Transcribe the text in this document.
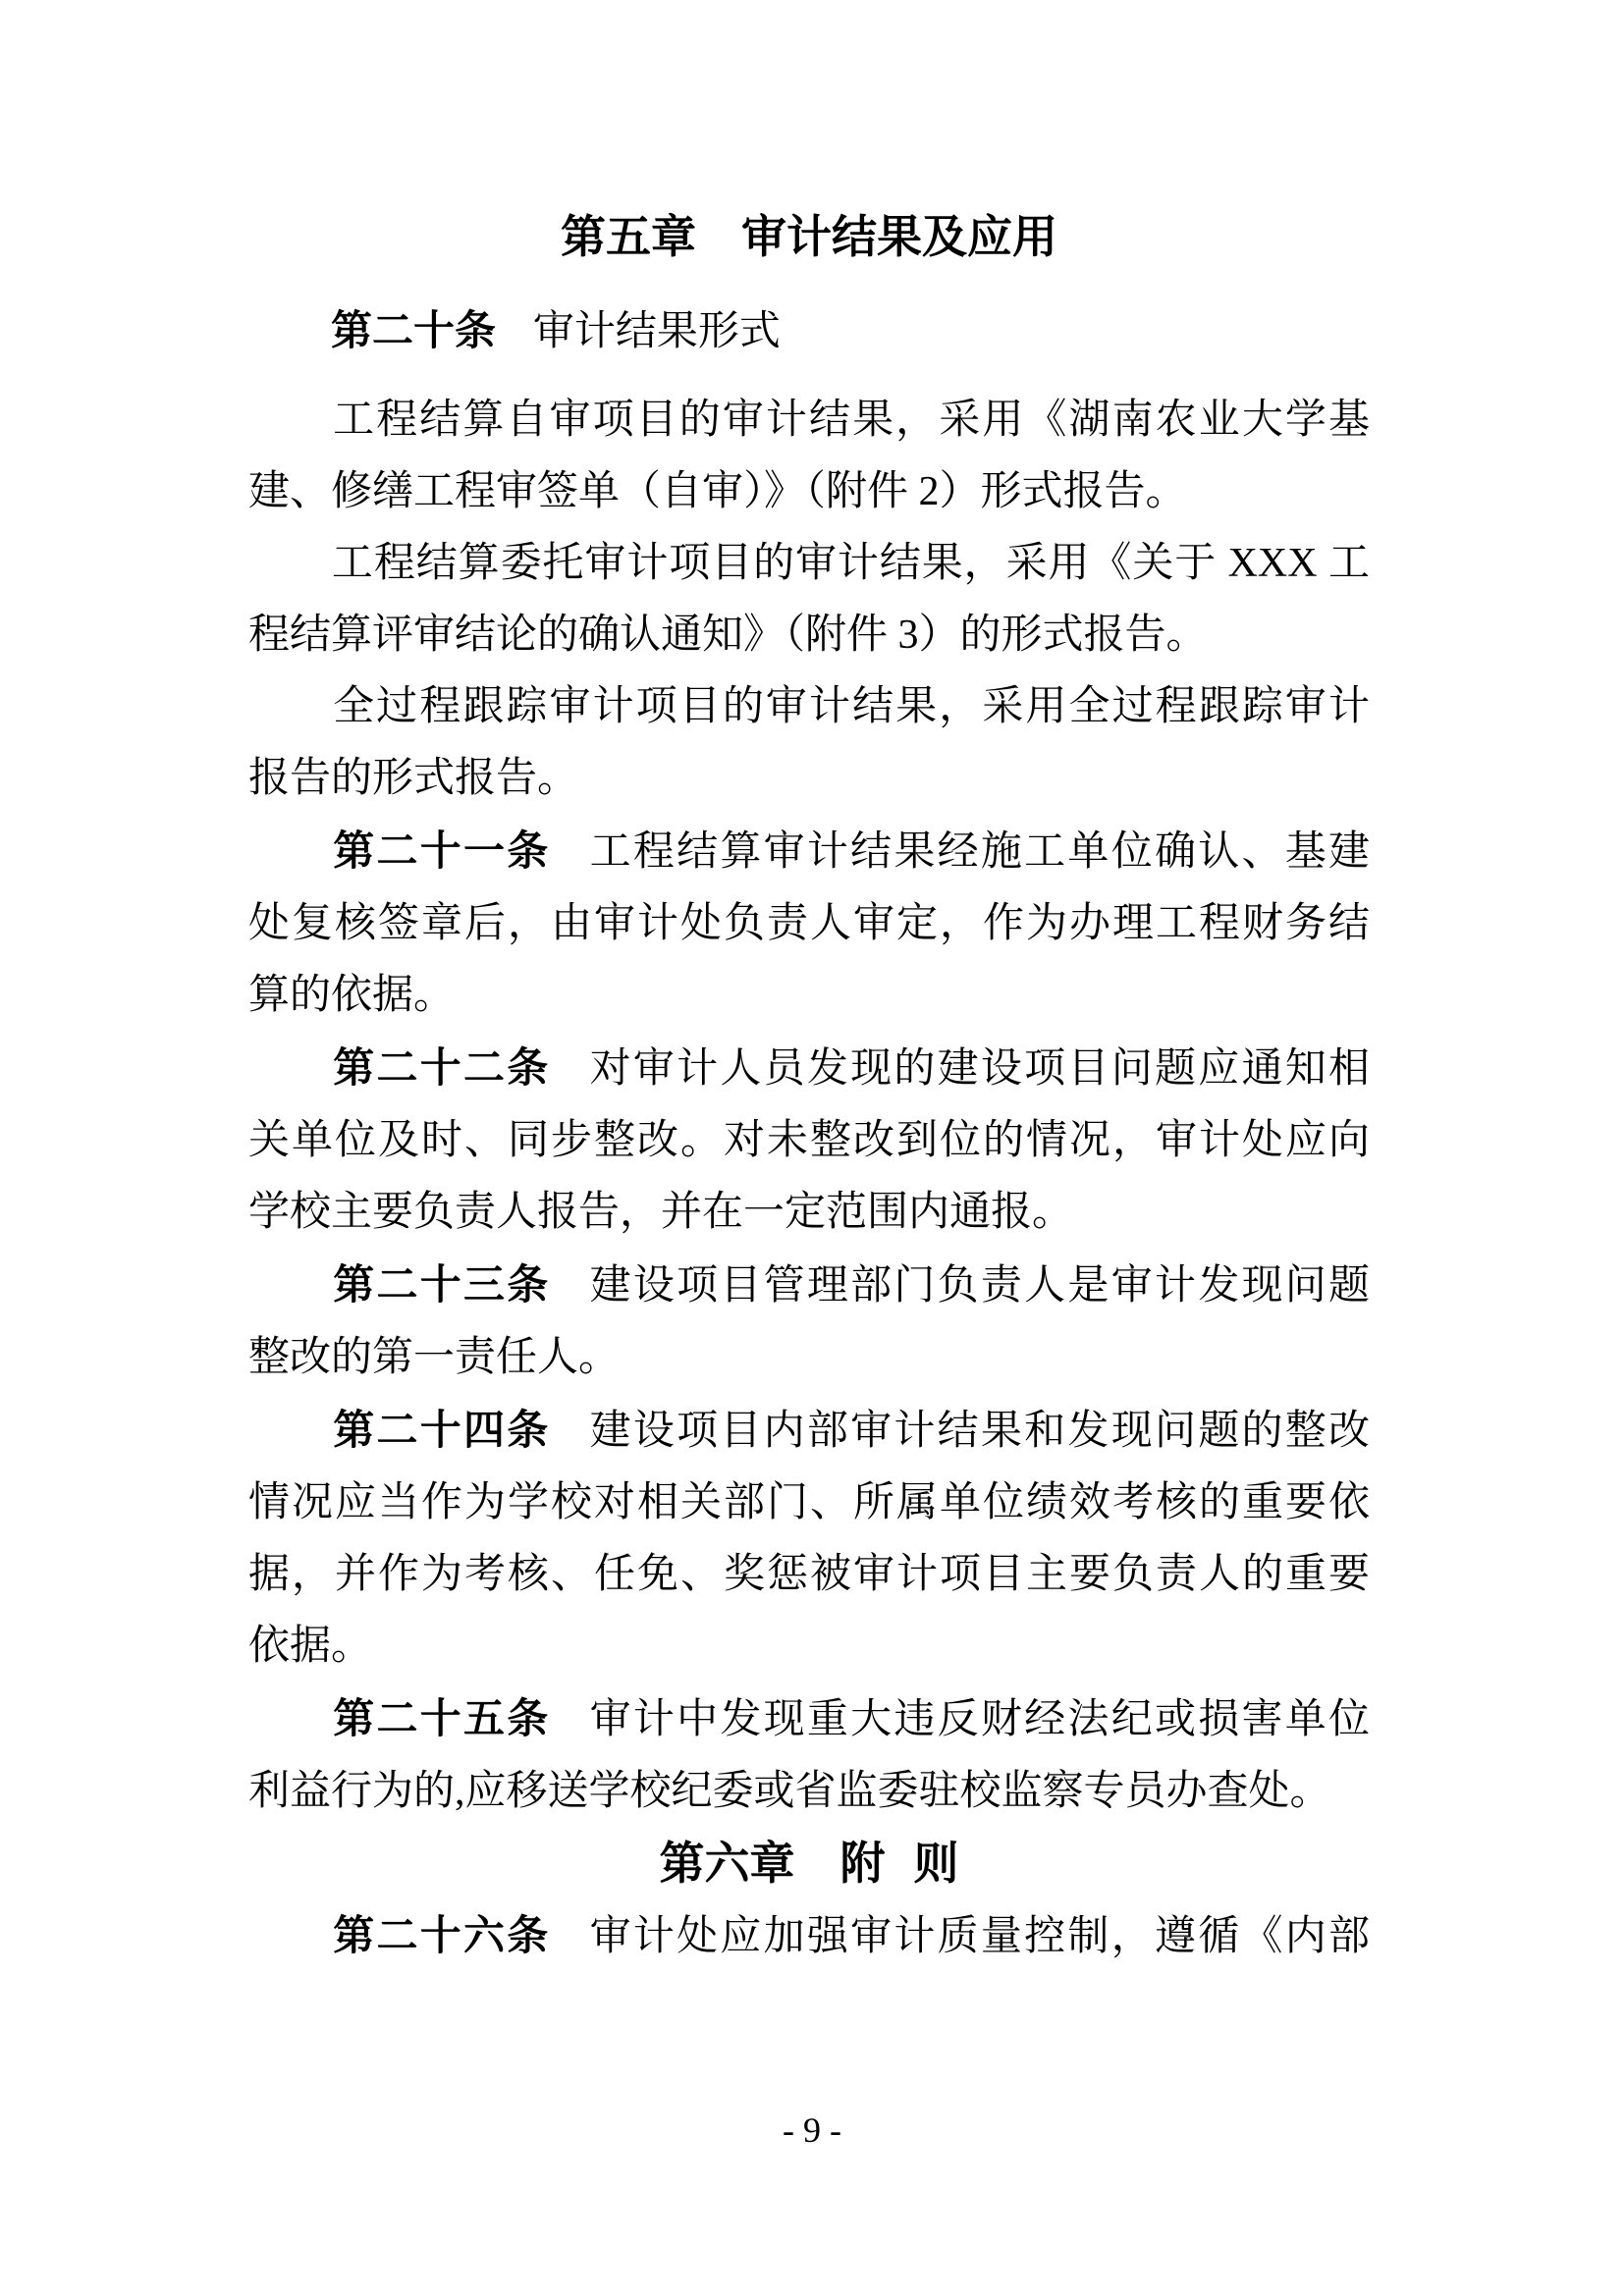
第五章 审计结果及应用
第二十条 审计结果形式
工程结算自审项目的审计结果，采用《湖南农业大学基
建、修缮工程审签单（自审）》（附件 2）形式报告。
工程结算委托审计项目的审计结果，采用《关于 XXX 工
程结算评审结论的确认通知》（附件 3）的形式报告。
全过程跟踪审计项目的审计结果，采用全过程跟踪审计
报告的形式报告。
第二十一条 工程结算审计结果经施工单位确认、基建
处复核签章后，由审计处负责人审定，作为办理工程财务结
算的依据。
第二十二条 对审计人员发现的建设项目问题应通知相
关单位及时、同步整改。对未整改到位的情况，审计处应向
学校主要负责人报告，并在一定范围内通报。
第二十三条 建设项目管理部门负责人是审计发现问题
整改的第一责任人。
第二十四条 建设项目内部审计结果和发现问题的整改
情况应当作为学校对相关部门、所属单位绩效考核的重要依
据，并作为考核、任免、奖惩被审计项目主要负责人的重要
依据。
第二十五条 审计中发现重大违反财经法纪或损害单位
利益行为的,应移送学校纪委或省监委驻校监察专员办查处。
第六章 附 则
第二十六条 审计处应加强审计质量控制，遵循《内部
- 9 -
